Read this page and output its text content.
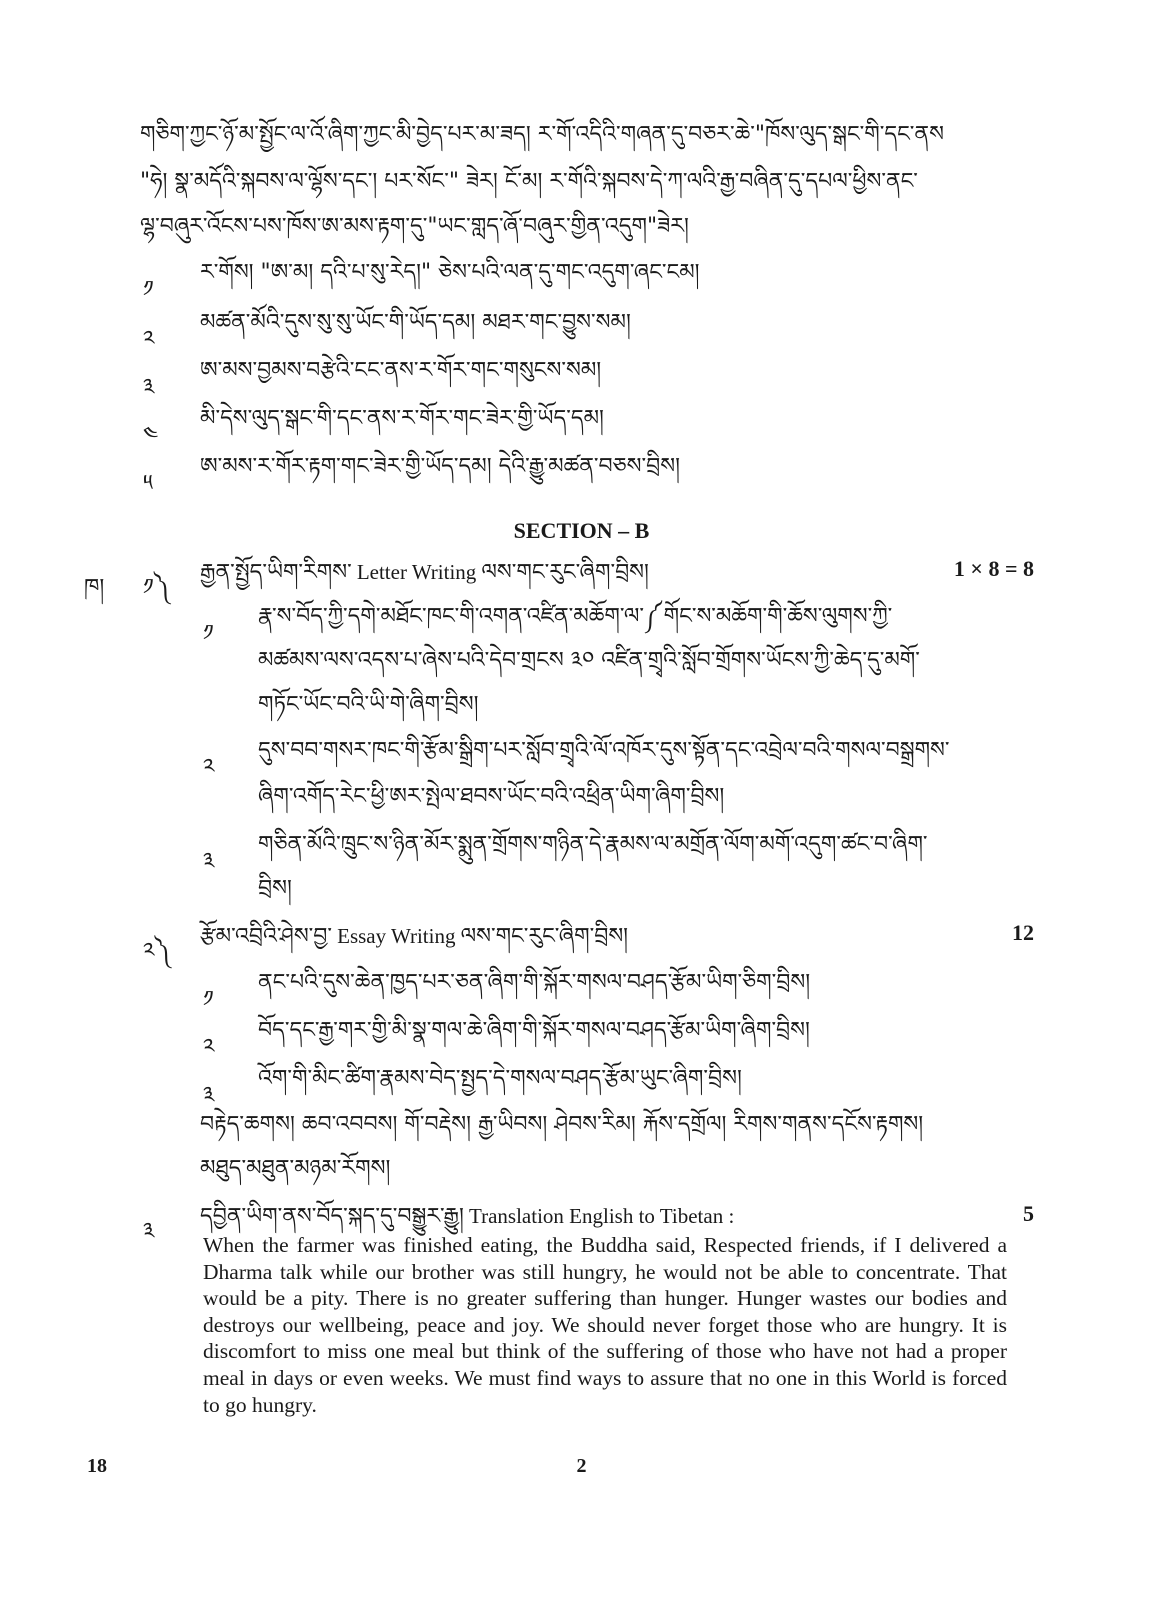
གཅིག་ཀྱང་ཉོ་མ་སྤྱོང་ལ་འོ་ཞིག་ཀྱང་མི་བྱེད་པར་མ་ཟད། ར་གོ་འདིའི་གཞན་དུ་བཅར་ཆེ་"ཁོས་ལུད་སྒང་གི་དང་ནས
"ཧེ། སྣ་མདོའི་སྐབས་ལ་ལྷོས་དང་། པར་སོང་" ཟེར། ངོ་མ། ར་གོའི་སྐབས་དེ་ཀ་ལའི་རྒྱ་བཞིན་དུ་དཔལ་ཕྱིས་ནང་
ལྷ་བཞུར་འོངས་པས་ཁོས་ཨ་མས་རྟག་དུ་"ཡང་གླད་ཞོ་བཞུར་གྱིན་འདུག"ཟེར།
༡
ར་གོས། "ཨ་མ། དའི་པ་སུ་རེད།" ཅེས་པའི་ལན་དུ་གང་འདུག་ཞང་ངམ།
༢
མཚན་མོའི་དུས་སུ་སུ་ཡོང་གི་ཡོད་དམ། མཐར་གང་བྱུས་སམ།
༣
ཨ་མས་བྱམས་བརྩེའི་ངང་ནས་ར་གོར་གང་གསུངས་སམ།
༤
མི་དེས་ལུད་སྒང་གི་དང་ནས་ར་གོར་གང་ཟེར་གྱི་ཡོད་དམ།
༥
ཨ་མས་ར་གོར་རྟག་གང་ཟེར་གྱི་ཡོད་དམ། དེའི་རྒྱུ་མཚན་བཅས་བྲིས།
SECTION – B
ཁ། ༡༽
རྒྱན་སྤྱོད་ཡིག་རིགས་ Letter Writing ལས་གང་རུང་ཞིག་བྲིས།	1 × 8 = 8
༡
རྣ་ས་བོད་ཀྱི་དགེ་མཐོང་ཁང་གི་འགན་འཛིན་མཆོག་ལ་༼གོང་ས་མཆོག་གི་ཆོས་ལུགས་ཀྱི་
མཚམས་ལས་འདས་པ་ཞེས་པའི་དེབ་གྲངས ༣༠ འཛིན་གྲྭའི་སློབ་གྲོགས་ཡོངས་ཀྱི་ཆེད་དུ་མགོ་
གཏོང་ཡོང་བའི་ཡི་གེ་ཞིག་བྲིས།
༢
དུས་བབ་གསར་ཁང་གི་རྩོམ་སྒྲིག་པར་སློབ་གྲྭའི་ལོ་འཁོར་དུས་སྟོན་དང་འབྲེལ་བའི་གསལ་བསྒྲགས་
ཞིག་འགོད་རེང་ཕྱི་ཨར་སྤེལ་ཐབས་ཡོང་བའི་འཕྲིན་ཡིག་ཞིག་བྲིས།
༣
གཅིན་མོའི་ཁྲུང་ས་ཉིན་མོར་སྨུན་གྲོགས་གཉིན་དེ་རྣམས་ལ་མགྲོན་ལོག་མགོ་འདུག་ཚང་བ་ཞིག་
བྲིས།
༢༽
རྩོམ་འབྲིའི་ཤེས་བྱ་ Essay Writing ལས་གང་རུང་ཞིག་བྲིས།	12
༡
ནང་པའི་དུས་ཆེན་ཁྱད་པར་ཅན་ཞིག་གི་སྐོར་གསལ་བཤད་རྩོམ་ཡིག་ཅིག་བྲིས།
༢
བོད་དང་རྒྱ་གར་གྱི་མི་སྣ་གལ་ཆེ་ཞིག་གི་སྐོར་གསལ་བཤད་རྩོམ་ཡིག་ཞིག་བྲིས།
༣
འོག་གི་མིང་ཚིག་རྣམས་བེད་སྤྱད་དེ་གསལ་བཤད་རྩོམ་ཡུང་ཞིག་བྲིས།
བརྟེད་ཆགས། ཆབ་འབབས། གོ་བརྡེས། རྒྱ་ཡིབས། ཤེབས་རིམ། རྐོས་དགྲོལ། རིགས་གནས་དངོས་རྟགས།
མཐུད་མཐུན་མཉམ་རོགས།
༣
དབྱིན་ཡིག་ནས་བོད་སྐད་དུ་བསྒྱུར་རྒྱུ། Translation English to Tibetan :	5
When the farmer was finished eating, the Buddha said, Respected friends, if I delivered a Dharma talk while our brother was still hungry, he would not be able to concentrate. That would be a pity. There is no greater suffering than hunger. Hunger wastes our bodies and destroys our wellbeing, peace and joy. We should never forget those who are hungry. It is discomfort to miss one meal but think of the suffering of those who have not had a proper meal in days or even weeks. We must find ways to assure that no one in this World is forced to go hungry.
18	2
